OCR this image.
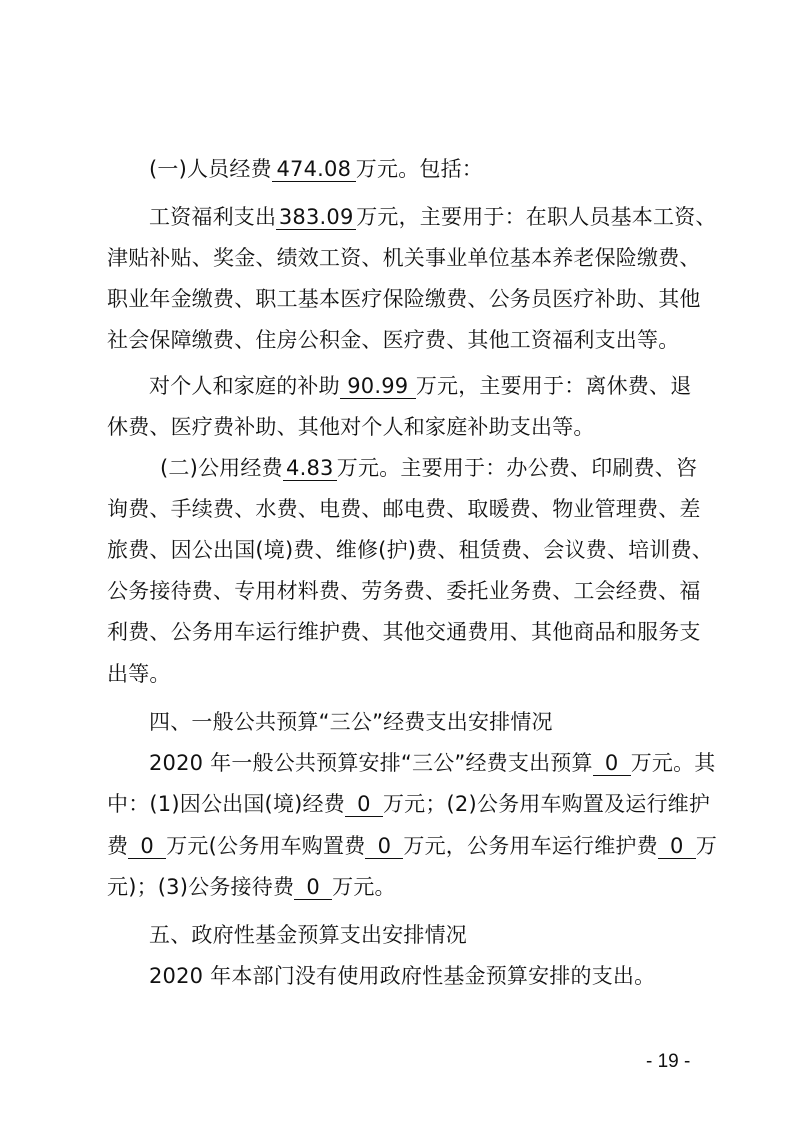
(一)人员经费 474.08 万元。包括：
工资福利支出 383.09 万元，主要用于：在职人员基本工资、
津贴补贴、奖金、绩效工资、机关事业单位基本养老保险缴费、
职业年金缴费、职工基本医疗保险缴费、公务员医疗补助、其他
社会保障缴费、住房公积金、医疗费、其他工资福利支出等。
对个人和家庭的补助 90.99 万元，主要用于：离休费、退
休费、医疗费补助、其他对个人和家庭补助支出等。
(二)公用经费 4.83 万元。主要用于：办公费、印刷费、咨
询费、手续费、水费、电费、邮电费、取暖费、物业管理费、差
旅费、因公出国(境)费、维修(护)费、租赁费、会议费、培训费、
公务接待费、专用材料费、劳务费、委托业务费、工会经费、福
利费、公务用车运行维护费、其他交通费用、其他商品和服务支
出等。
四、一般公共预算“三公”经费支出安排情况
2020 年一般公共预算安排“三公”经费支出预算 0 万元。其
中：(1)因公出国(境)经费 0 万元；(2)公务用车购置及运行维护
费 0 万元(公务用车购置费 0 万元，公务用车运行维护费 0 万
元)；(3)公务接待费 0 万元。
五、政府性基金预算支出安排情况
2020 年本部门没有使用政府性基金预算安排的支出。
- 19 -
